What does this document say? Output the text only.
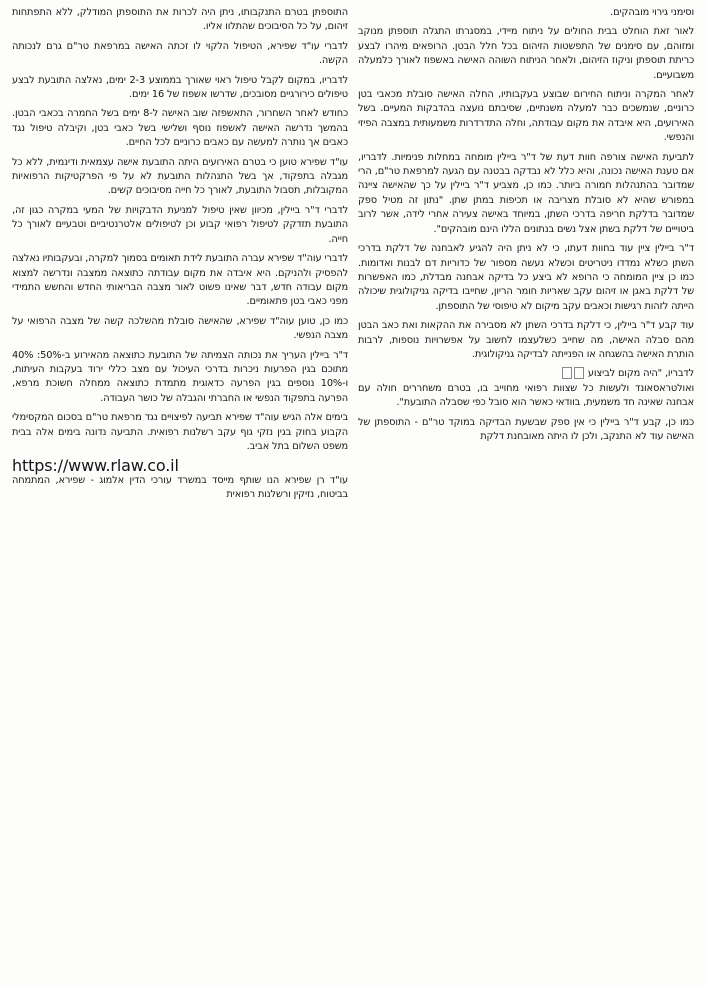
וסימני גירוי מובהקים.

לאור זאת הוחלט בבית החולים על ניתוח מיידי, במסגרתו התגלה תוספתן מנוקב ומזוהם, עם סימנים של התפשטות הזיהום בכל חלל הבטן. הרופאים מיהרו לבצע כריתת תוספתן וניקוז הזיהום, ולאחר הניתוח השוהה האישה באשפוז לאורך כלמעלה משבועיים.

לאחר המקרה וניתוח החירום שבוצע בעקבותיו, החלה האישה סובלת מכאבי בטן כרוניים, שנמשכים כבר למעלה משנתיים, שסיבתם נועצה בהדבקות המעיים. בשל האירועים, היא איבדה את מקום עבודתה, וחלה התדרדרות משמעותית במצבה הפיזי והנפשי.

לתביעת האישה צורפה חוות דעת של ד"ר ביילין מומחה במחלות פנימיות. לדבריו, אם טענת האישה נכונה, והיא כלל לא נבדקה בבטנה עם הגעה למרפאת טר"ם, הרי שמדובר בהתנהלות חמורה ביותר. כמו כן, מצביע ד"ר ביילין על כך שהאישה ציינה במפורש שהיא לא סובלת מצריבה או תכיפות במתן שתן. "נתון זה מטיל ספק שמדובר בדלקת חריפה בדרכי השתן, במיוחד באישה צעירה אחרי לידה, אשר לרוב ביטוייים של דלקת בשתן אצל נשים בנתונים הללו הינם מובהקים".

ד"ר ביילין ציין עוד בחוות דעתו, כי לא ניתן היה להגיע לאבחנה של דלקת בדרכי השתן כשלא נמדדו ניטריטים וכשלא נעשה מספור של כדוריות דם לבנות ואדומות. כמו כן ציין המומחה כי הרופא לא ביצע כל בדיקה אבחנה מבדלת, כמו האפשרות של דלקת באגן או זיהום עקב שאריות חומר הריון, שחייבו בדיקה גניקולוגית שיכולה הייתה לזהות רגישות וכאבים עקב מיקום לא טיפוסי של התוספתן.

עוד קבע ד"ר ביילין, כי דלקת בדרכי השתן לא מסבירה את ההקאות ואת כאב הבטן מהם סבלה האישה, מה שחייב כשלעצמו לחשוב על אפשרויות נוספות, לרבות הותרת האישה בהשגחה או הפנייתה לבדיקה גניקולוגית.

לדבריו, "היה מקום לביצוע

ואולטראסאונד ולעשות כל שצוות רפואי מחוייב בו, בטרם משחררים חולה עם אבחנה שאינה חד משמעית, בוודאי כאשר הוא סובל כפי שסבלה התובעת".

כמו כן, קבע ד"ר ביילין כי אין ספק שבשעת הבדיקה במוקד טר"ם - התוספתן של האישה עוד לא התנקב, ולכן לו היתה מאובחנת דלקת

התוספתן בטרם התנקבותו, ניתן היה לכרות את התוספתן המודלק, ללא התפתחות זיהום, על כל הסיבוכים שהתלוו אליו.

לדברי עו"ד שפירא, הטיפול הלקוי לו זכתה האישה במרפאת טר"ם גרם לנכותה הקשה.

לדבריו, במקום לקבל טיפול ראוי שאורך בממוצע 2-3 ימים, נאלצה התובעת לבצע טיפולים כירורגיים מסובכים, שדרשו אשפוז של 16 ימים.

כחודש לאחר השחרור, התאשפזה שוב האישה ל-8 ימים בשל החמרה בכאבי הבטן. בהמשך נדרשה האישה לאשפוז נוסף ושלישי בשל כאבי בטן, וקיבלה טיפול נגד כאבים אך נותרה למעשה עם כאבים כרוניים לכל החיים.

עו"ד שפירא טוען כי בטרם האירועים היתה התובעת אישה עצמאית ודינמית, ללא כל מגבלה בתפקוד, אך בשל התנהלות התובעת לא על פי הפרקטיקות הרפואיות המקובלות, תסבול התובעת, לאורך כל חייה מסיבוכים קשים.

לדברי ד"ר ביילין, מכיוון שאין טיפול למניעת הדבקויות של המעי במקרה כגון זה, התובעת תזדקק לטיפול רפואי קבוע וכן לטיפולים אלטרנטיביים וטבעיים לאורך כל חייה.

לדברי עוה"ד שפירא עברה התובעת לידת תאומים בסמוך למקרה, ובעקבותיו נאלצה להפסיק ולהניקם. היא איבדה את מקום עבודתה כתוצאה ממצבה ונדרשה למצוא מקום עבודה חדש, דבר שאינו פשוט לאור מצבה הבריאותי החדש והחשש התמידי מפני כאבי בטן פתאומיים.

כמו כן, טוען עוה"ד שפירא, שהאישה סובלת מהשלכה קשה של מצבה הרפואי על מצבה הנפשי.

ד"ר ביילין העריך את נכותה הצמיתה של התובעת כתוצאה מהאירוע ב-50%: 40% מתוכם בגין הפרעות ניכרות בדרכי העיכול עם מצב כללי ירוד בעקבות העיתות, ו-10% נוספים בגין הפרעה כדאוגית מתמדת כתוצאה ממחלה חשוכת מרפא, הפרעה בתפקוד הנפשי או החברתי והגבלה של כושר העבודה.

בימים אלה הגיש עוה"ד שפירא תביעה לפיצויים נגד מרפאת טר"ם בסכום המקסימלי הקבוע בחוק בגין נזקי גוף עקב רשלנות רפואית. התביעה נדונה בימים אלה בבית משפט השלום בתל אביב.

https://www.rlaw.co.il

עו"ד רן שפירא הנו שותף מייסד במשרד עורכי הדין אלמוג - שפירא, המתמחה בביטוח, נזיקין ורשלנות רפואית
